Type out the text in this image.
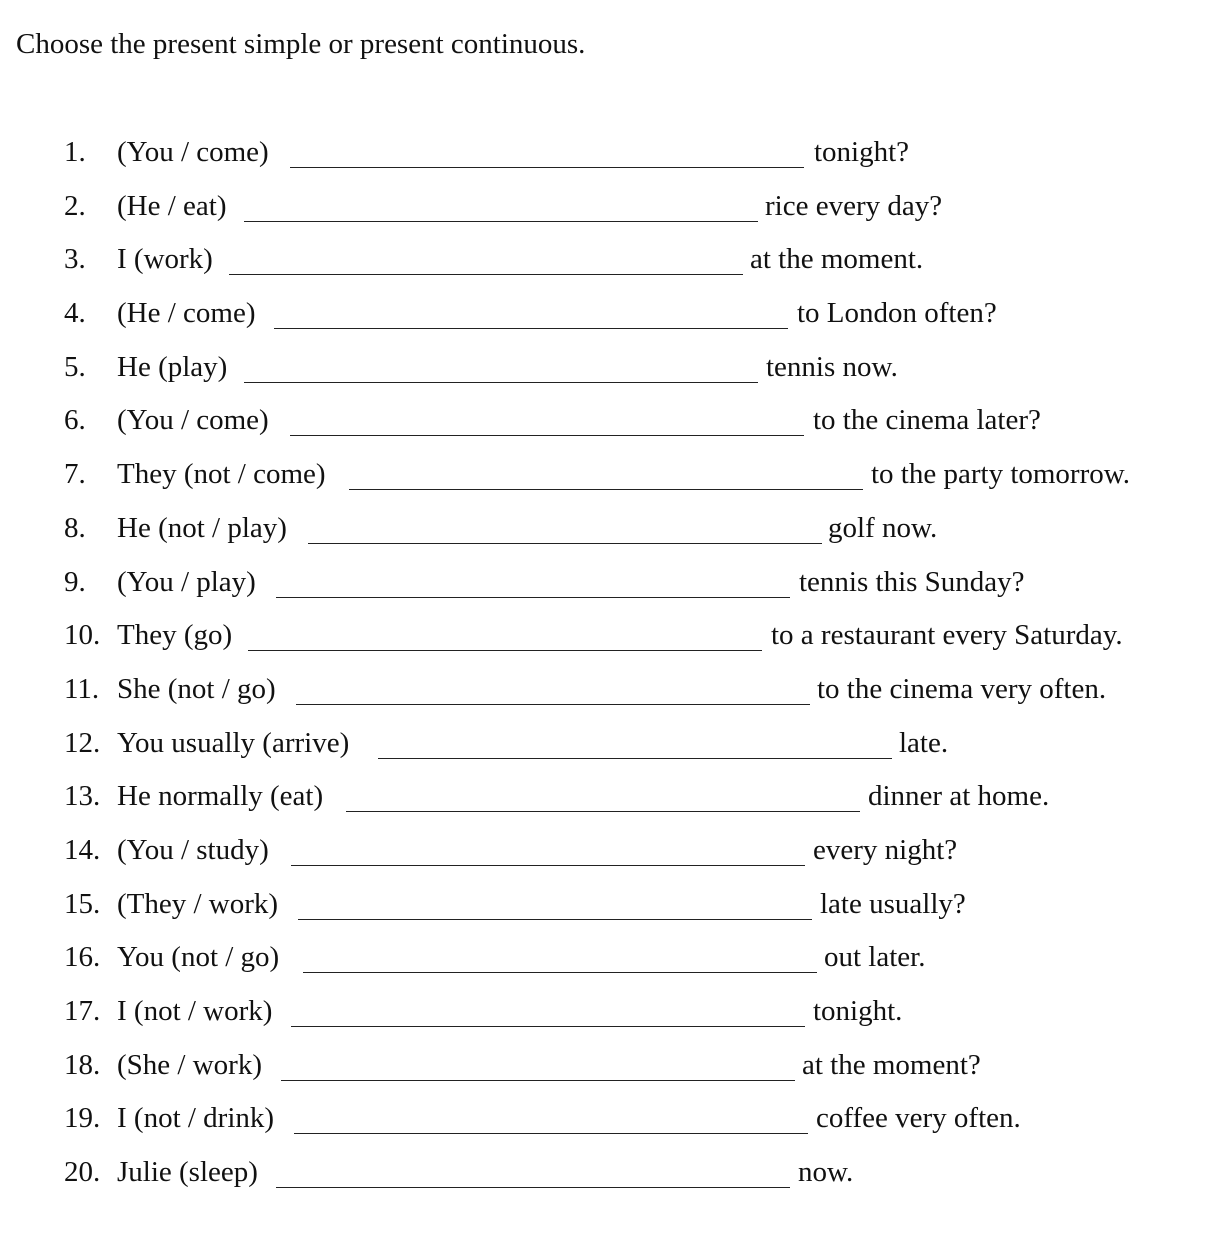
Choose the present simple or present continuous.
1. (You / come)	tonight?
2. (He / eat)	rice every day?
3. I (work)	at the moment.
4. (He / come)	to London often?
5. He (play)	tennis now.
6. (You / come)	to the cinema later?
7. They (not / come)	to the party tomorrow.
8. He (not / play)	golf now.
9. (You / play)	tennis this Sunday?
10. They (go)	to a restaurant every Saturday.
11. She (not / go)	to the cinema very often.
12. You usually (arrive)	late.
13. He normally (eat)	dinner at home.
14. (You / study)	every night?
15. (They / work)	late usually?
16. You (not / go)	out later.
17. I (not / work)	tonight.
18. (She / work)	at the moment?
19. I (not / drink)	coffee very often.
20. Julie (sleep)	now.
